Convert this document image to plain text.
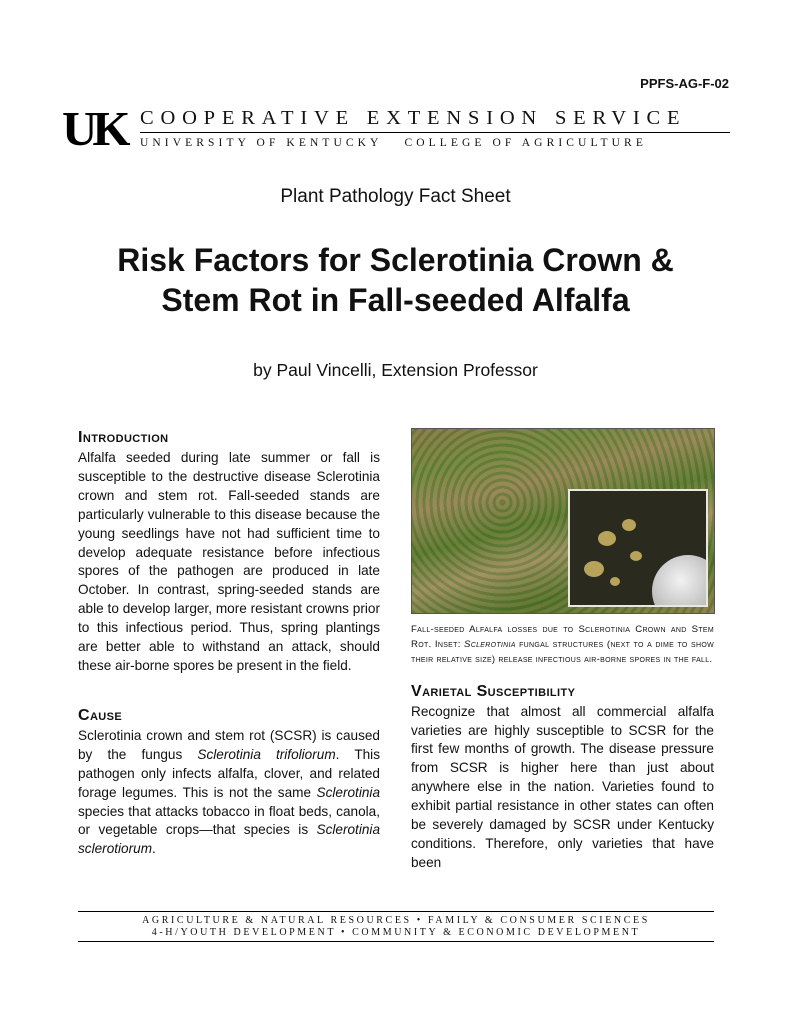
PPFS-AG-F-02
UK COOPERATIVE EXTENSION SERVICE
UNIVERSITY OF KENTUCKY COLLEGE OF AGRICULTURE
Plant Pathology Fact Sheet
Risk Factors for Sclerotinia Crown &
Stem Rot in Fall-seeded Alfalfa
by Paul Vincelli, Extension Professor
Introduction

Alfalfa seeded during late summer or fall is susceptible to the destructive disease Sclerotinia crown and stem rot. Fall-seeded stands are particularly vulnerable to this disease because the young seedlings have not had sufficient time to develop adequate resistance before infectious spores of the pathogen are produced in late October. In contrast, spring-seeded stands are able to develop larger, more resistant crowns prior to this infectious period. Thus, spring plantings are better able to withstand an attack, should these air-borne spores be present in the field.

Cause

Sclerotinia crown and stem rot (SCSR) is caused by the fungus Sclerotinia trifoliorum. This pathogen only infects alfalfa, clover, and related forage legumes. This is not the same Sclerotinia species that attacks tobacco in float beds, canola, or vegetable crops—that species is Sclerotinia sclerotiorum.

Fall-seeded Alfalfa losses due to Sclerotinia Crown and Stem Rot. Inset: Sclerotinia fungal structures (next to a dime to show their relative size) release infectious air-borne spores in the fall.

Varietal Susceptibility

Recognize that almost all commercial alfalfa varieties are highly susceptible to SCSR for the first few months of growth. The disease pressure from SCSR is higher here than just about anywhere else in the nation. Varieties found to exhibit partial resistance in other states can often be severely damaged by SCSR under Kentucky conditions. Therefore, only varieties that have been

AGRICULTURE & NATURAL RESOURCES • FAMILY & CONSUMER SCIENCES
4-H/YOUTH DEVELOPMENT • COMMUNITY & ECONOMIC DEVELOPMENT
